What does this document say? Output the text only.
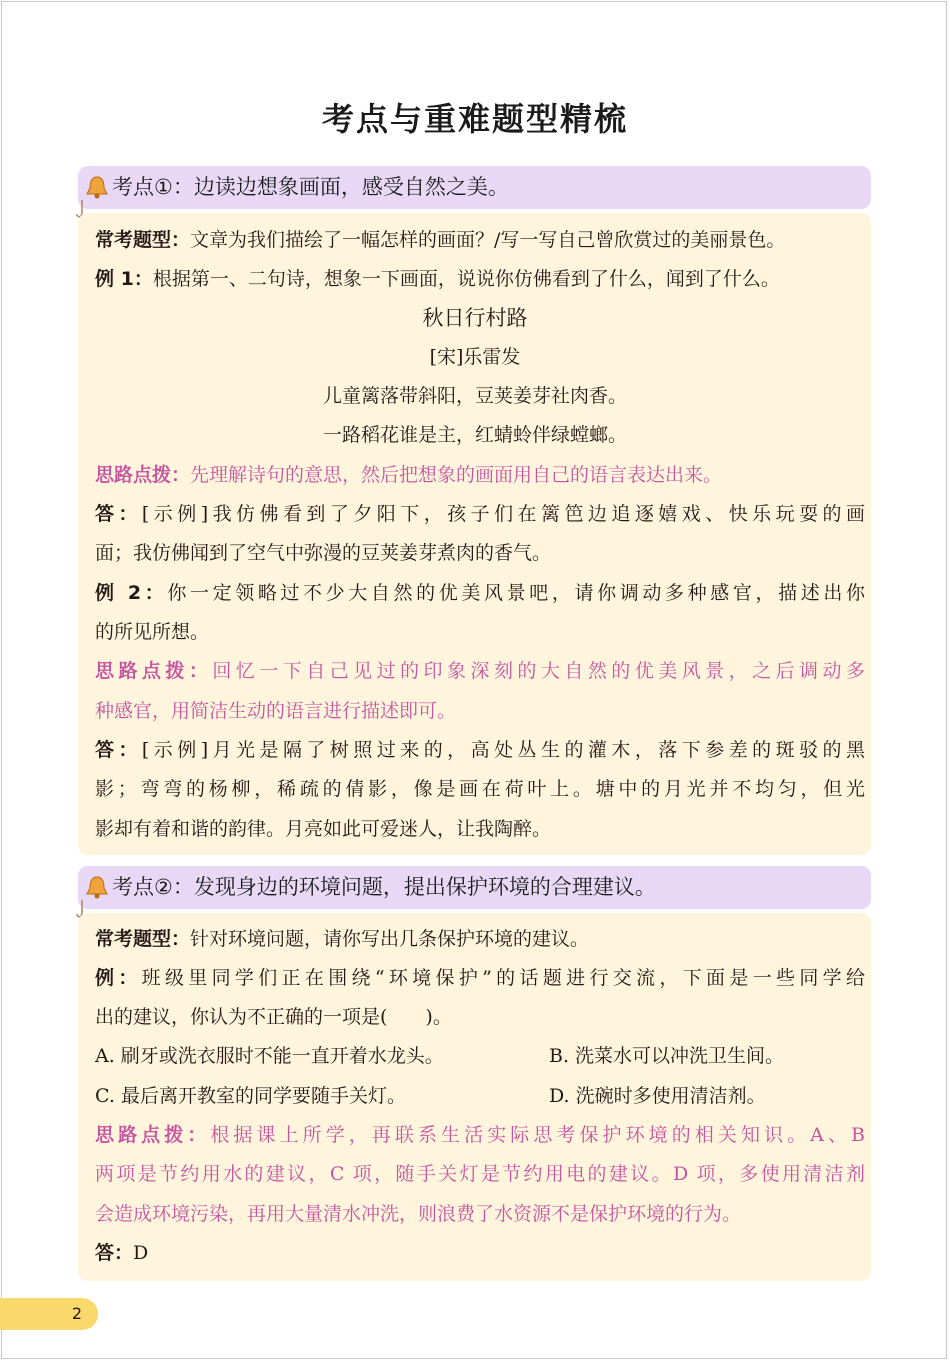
考点与重难题型精梳
考点①：边读边想象画面，感受自然之美。
常考题型：文章为我们描绘了一幅怎样的画面？/写一写自己曾欣赏过的美丽景色。
例 1：根据第一、二句诗，想象一下画面，说说你仿佛看到了什么，闻到了什么。
秋日行村路
[宋]乐雷发
儿童篱落带斜阳，豆荚姜芽社肉香。
一路稻花谁是主，红蜻蛉伴绿螳螂。
思路点拨：先理解诗句的意思，然后把想象的画面用自己的语言表达出来。
答：[示例]我仿佛看到了夕阳下，孩子们在篱笆边追逐嬉戏、快乐玩耍的画
面；我仿佛闻到了空气中弥漫的豆荚姜芽煮肉的香气。
例 2：你一定领略过不少大自然的优美风景吧，请你调动多种感官，描述出你
的所见所想。
思路点拨：回忆一下自己见过的印象深刻的大自然的优美风景，之后调动多
种感官，用简洁生动的语言进行描述即可。
答：[示例]月光是隔了树照过来的，高处丛生的灌木，落下参差的斑驳的黑
影；弯弯的杨柳，稀疏的倩影，像是画在荷叶上。塘中的月光并不均匀，但光
影却有着和谐的韵律。月亮如此可爱迷人，让我陶醉。
考点②：发现身边的环境问题，提出保护环境的合理建议。
常考题型：针对环境问题，请你写出几条保护环境的建议。
例：班级里同学们正在围绕“环境保护”的话题进行交流，下面是一些同学给
出的建议，你认为不正确的一项是(　　)。
A. 刷牙或洗衣服时不能一直开着水龙头。	B. 洗菜水可以冲洗卫生间。
C. 最后离开教室的同学要随手关灯。	D. 洗碗时多使用清洁剂。
思路点拨：根据课上所学，再联系生活实际思考保护环境的相关知识。A、B
两项是节约用水的建议，C 项，随手关灯是节约用电的建议。D 项，多使用清洁剂
会造成环境污染，再用大量清水冲洗，则浪费了水资源不是保护环境的行为。
答：D
2
